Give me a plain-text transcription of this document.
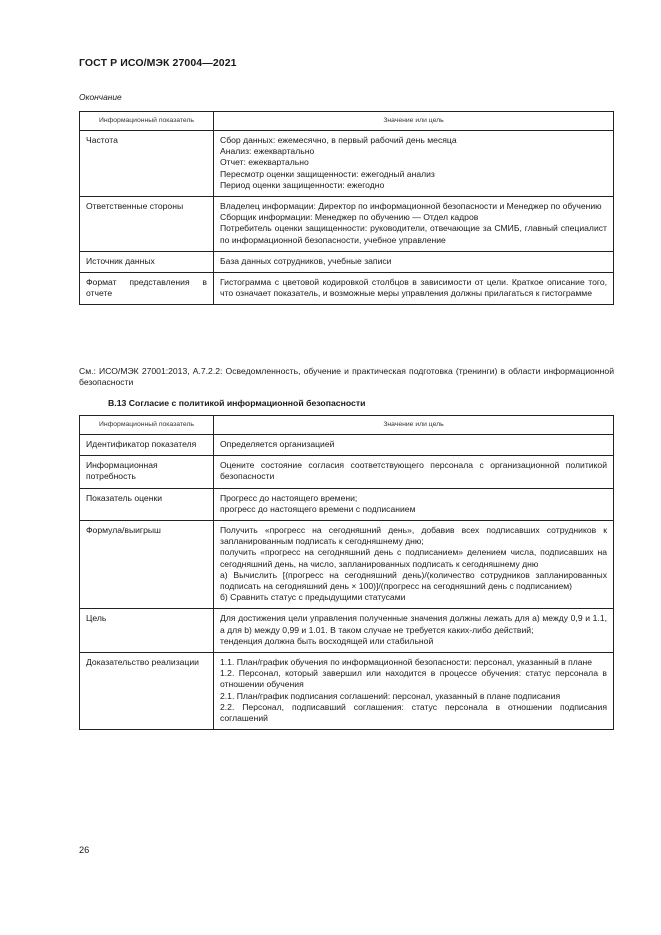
ГОСТ Р ИСО/МЭК 27004—2021
Окончание
Информационный показатель	Значение или цель
Частота	Сбор данных: ежемесячно, в первый рабочий день месяца
Анализ: ежеквартально
Отчет: ежеквартально
Пересмотр оценки защищенности: ежегодный анализ
Период оценки защищенности: ежегодно

Ответственные стороны	Владелец информации: Директор по информационной безопасности и Менеджер по обучению
Сборщик информации: Менеджер по обучению — Отдел кадров
Потребитель оценки защищенности: руководители, отвечающие за СМИБ, главный специалист по информационной безопасности, учебное управление

Источник данных	База данных сотрудников, учебные записи

Формат представления в отчете	Гистограмма с цветовой кодировкой столбцов в зависимости от цели. Краткое описание того, что означает показатель, и возможные меры управления должны прилагаться к гистограмме
См.: ИСО/МЭК 27001:2013, А.7.2.2: Осведомленность, обучение и практическая подготовка (тренинги) в области информационной безопасности
В.13 Согласие с политикой информационной безопасности
Информационный показатель	Значение или цель
Идентификатор показателя	Определяется организацией

Информационная потребность	Оцените состояние согласия соответствующего персонала с организационной политикой безопасности

Показатель оценки	Прогресс до настоящего времени;
прогресс до настоящего времени с подписанием

Формула/выигрыш	Получить «прогресс на сегодняшний день», добавив всех подписавших сотрудников к запланированным подписать к сегодняшнему дню;
получить «прогресс на сегодняшний день с подписанием» делением числа, подписавших на сегодняшний день, на число, запланированных подписать к сегодняшнему дню
а) Вычислить [(прогресс на сегодняшний день)/(количество сотрудников запланированных подписать на сегодняшний день × 100)]/(прогресс на сегодняшний день с подписанием)
б) Сравнить статус с предыдущими статусами

Цель	Для достижения цели управления полученные значения должны лежать для а) между 0,9 и 1.1, а для b) между 0,99 и 1.01. В таком случае не требуется каких-либо действий;
тенденция должна быть восходящей или стабильной

Доказательство реализации	1.1. План/график обучения по информационной безопасности: персонал, указанный в плане
1.2. Персонал, который завершил или находится в процессе обучения: статус персонала в отношении обучения
2.1. План/график подписания соглашений: персонал, указанный в плане подписания
2.2. Персонал, подписавший соглашения: статус персонала в отношении подписания соглашений
26
